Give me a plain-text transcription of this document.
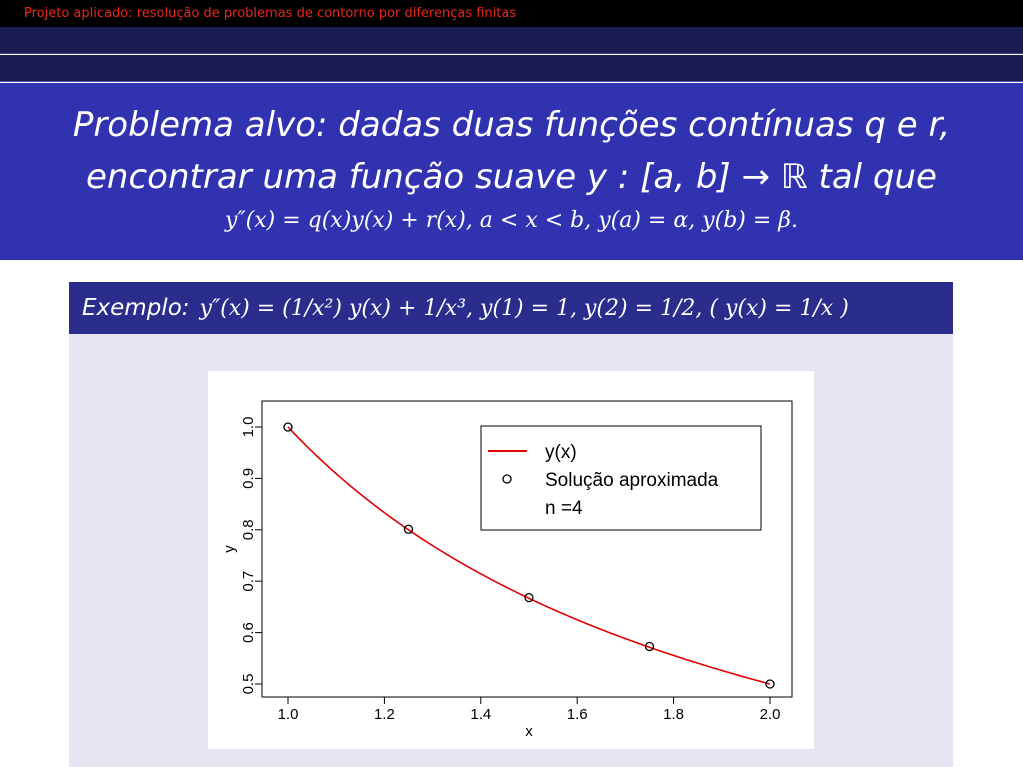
Projeto aplicado: resolução de problemas de contorno por diferenças finitas
Problema alvo: dadas duas funções contínuas q e r,
encontrar uma função suave y : [a, b] → ℝ tal que
y″(x) = q(x)y(x) + r(x), a < x < b, y(a) = α, y(b) = β.
Exemplo: y″(x) = (1/x²) y(x) + 1/x³, y(1) = 1, y(2) = 1/2, ( y(x) = 1/x )
1.0	1.2	1.4	1.6	1.8	2.0
0.5
0.6
0.7
0.8
0.9
1.0
x
y
y(x)
Solução aproximada
n =4
